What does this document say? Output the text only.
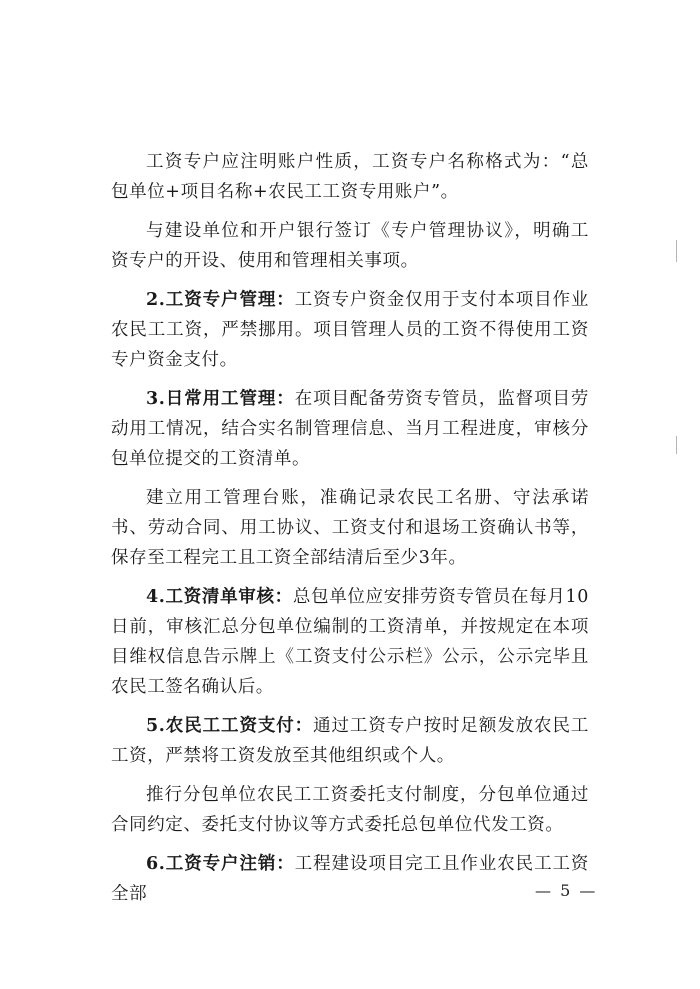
工资专户应注明账户性质，工资专户名称格式为：“总包单位+项目名称+农民工工资专用账户”。

与建设单位和开户银行签订《专户管理协议》，明确工资专户的开设、使用和管理相关事项。

2.工资专户管理：工资专户资金仅用于支付本项目作业农民工工资，严禁挪用。项目管理人员的工资不得使用工资专户资金支付。

3.日常用工管理：在项目配备劳资专管员，监督项目劳动用工情况，结合实名制管理信息、当月工程进度，审核分包单位提交的工资清单。

建立用工管理台账，准确记录农民工名册、守法承诺书、劳动合同、用工协议、工资支付和退场工资确认书等，保存至工程完工且工资全部结清后至少3年。

4.工资清单审核：总包单位应安排劳资专管员在每月10日前，审核汇总分包单位编制的工资清单，并按规定在本项目维权信息告示牌上《工资支付公示栏》公示，公示完毕且农民工签名确认后。

5.农民工工资支付：通过工资专户按时足额发放农民工工资，严禁将工资发放至其他组织或个人。

推行分包单位农民工工资委托支付制度，分包单位通过合同约定、委托支付协议等方式委托总包单位代发工资。

6.工资专户注销：工程建设项目完工且作业农民工工资全部	— 5 —
